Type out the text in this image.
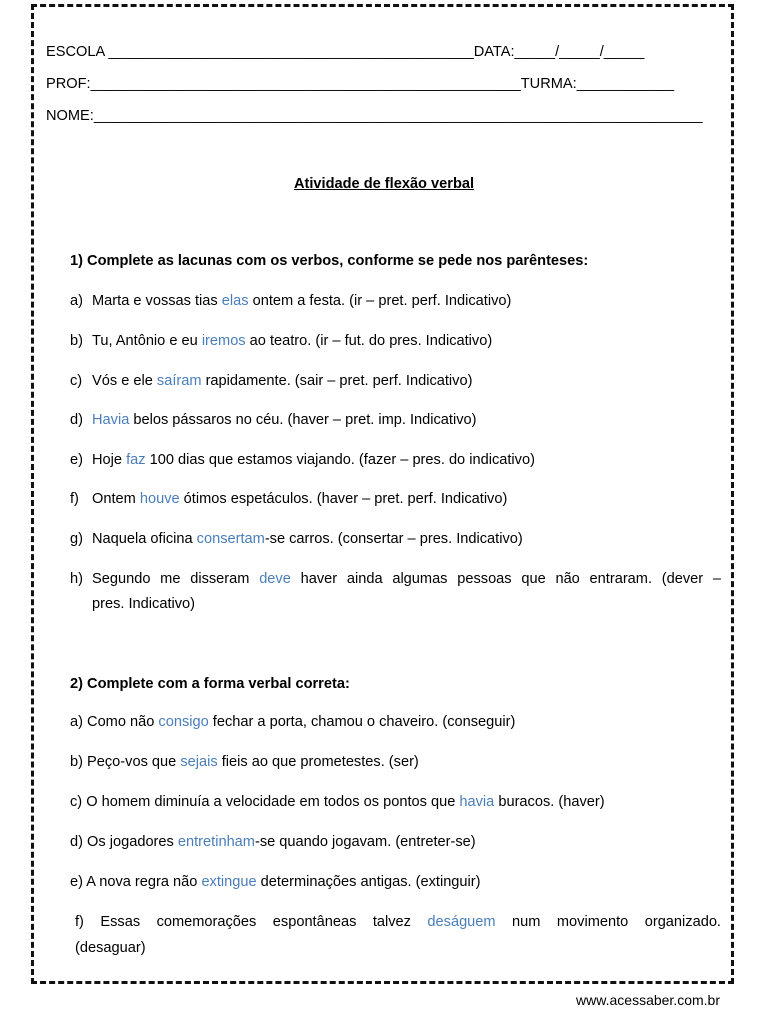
ESCOLA _____________________________________________DATA:_____/_____/_____
PROF:_____________________________________________________TURMA:____________
NOME:___________________________________________________________________________
Atividade de flexão verbal
1) Complete as lacunas com os verbos, conforme se pede nos parênteses:
a) Marta e vossas tias elas ontem a festa. (ir – pret. perf. Indicativo)
b) Tu, Antônio e eu iremos ao teatro. (ir – fut. do pres. Indicativo)
c) Vós e ele saíram rapidamente. (sair – pret. perf. Indicativo)
d) Havia belos pássaros no céu. (haver – pret. imp. Indicativo)
e) Hoje faz 100 dias que estamos viajando. (fazer – pres. do indicativo)
f) Ontem houve ótimos espetáculos. (haver – pret. perf. Indicativo)
g) Naquela oficina consertam-se carros. (consertar – pres. Indicativo)
h) Segundo me disseram deve haver ainda algumas pessoas que não entraram. (dever –
pres. Indicativo)
2) Complete com a forma verbal correta:
a) Como não consigo fechar a porta, chamou o chaveiro. (conseguir)
b) Peço-vos que sejais fieis ao que prometestes. (ser)
c) O homem diminuía a velocidade em todos os pontos que havia buracos. (haver)
d) Os jogadores entretinham-se quando jogavam. (entreter-se)
e) A nova regra não extingue determinações antigas. (extinguir)
f) Essas comemorações espontâneas talvez deságuem num movimento organizado.
(desaguar)
www.acessaber.com.br
